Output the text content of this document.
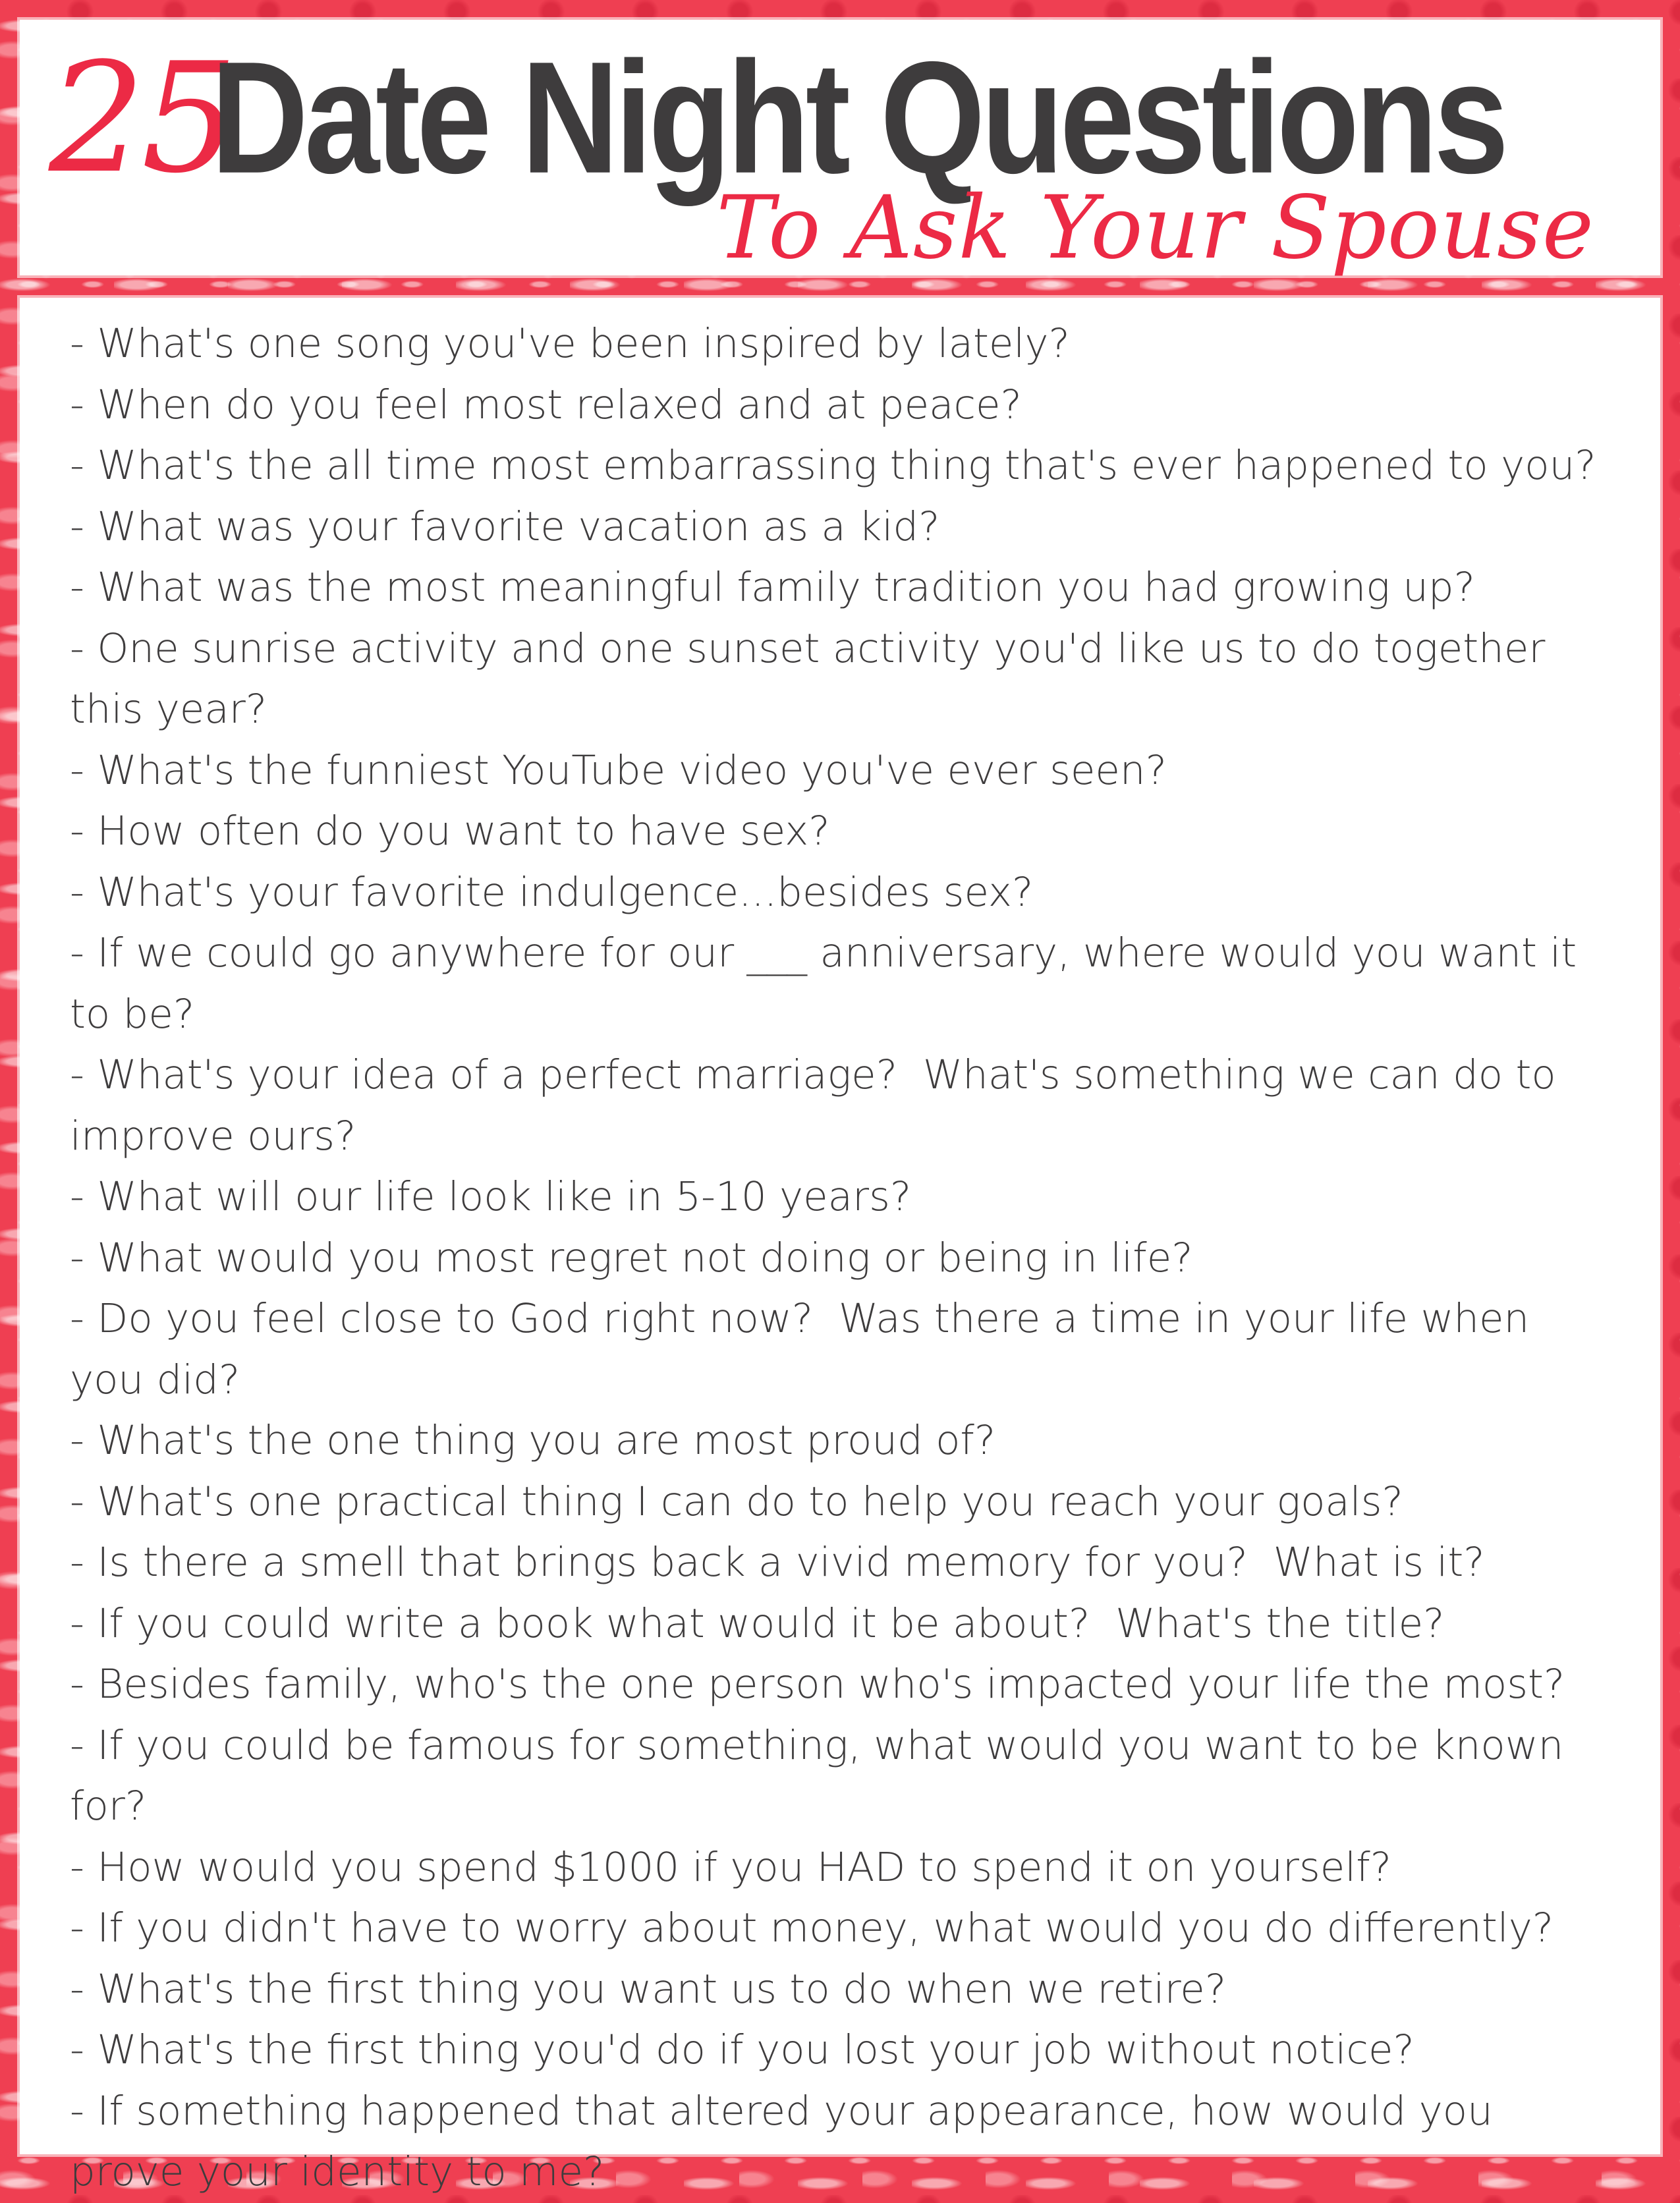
25
Date Night Questions
To Ask Your Spouse
- What's one song you've been inspired by lately?
- When do you feel most relaxed and at peace?
- What's the all time most embarrassing thing that's ever happened to you?
- What was your favorite vacation as a kid?
- What was the most meaningful family tradition you had growing up?
- One sunrise activity and one sunset activity you'd like us to do together this year?
- What's the funniest YouTube video you've ever seen?
- How often do you want to have sex?
- What's your favorite indulgence...besides sex?
- If we could go anywhere for our ___ anniversary, where would you want it to be?
- What's your idea of a perfect marriage?  What's something we can do to improve ours?
- What will our life look like in 5-10 years?
- What would you most regret not doing or being in life?
- Do you feel close to God right now?  Was there a time in your life when you did?
- What's the one thing you are most proud of?
- What's one practical thing I can do to help you reach your goals?
- Is there a smell that brings back a vivid memory for you?  What is it?
- If you could write a book what would it be about?  What's the title?
- Besides family, who's the one person who's impacted your life the most?
- If you could be famous for something, what would you want to be known for?
- How would you spend $1000 if you HAD to spend it on yourself?
- If you didn't have to worry about money, what would you do differently?
- What's the first thing you want us to do when we retire?
- What's the first thing you'd do if you lost your job without notice?
- If something happened that altered your appearance, how would you prove your identity to me?
